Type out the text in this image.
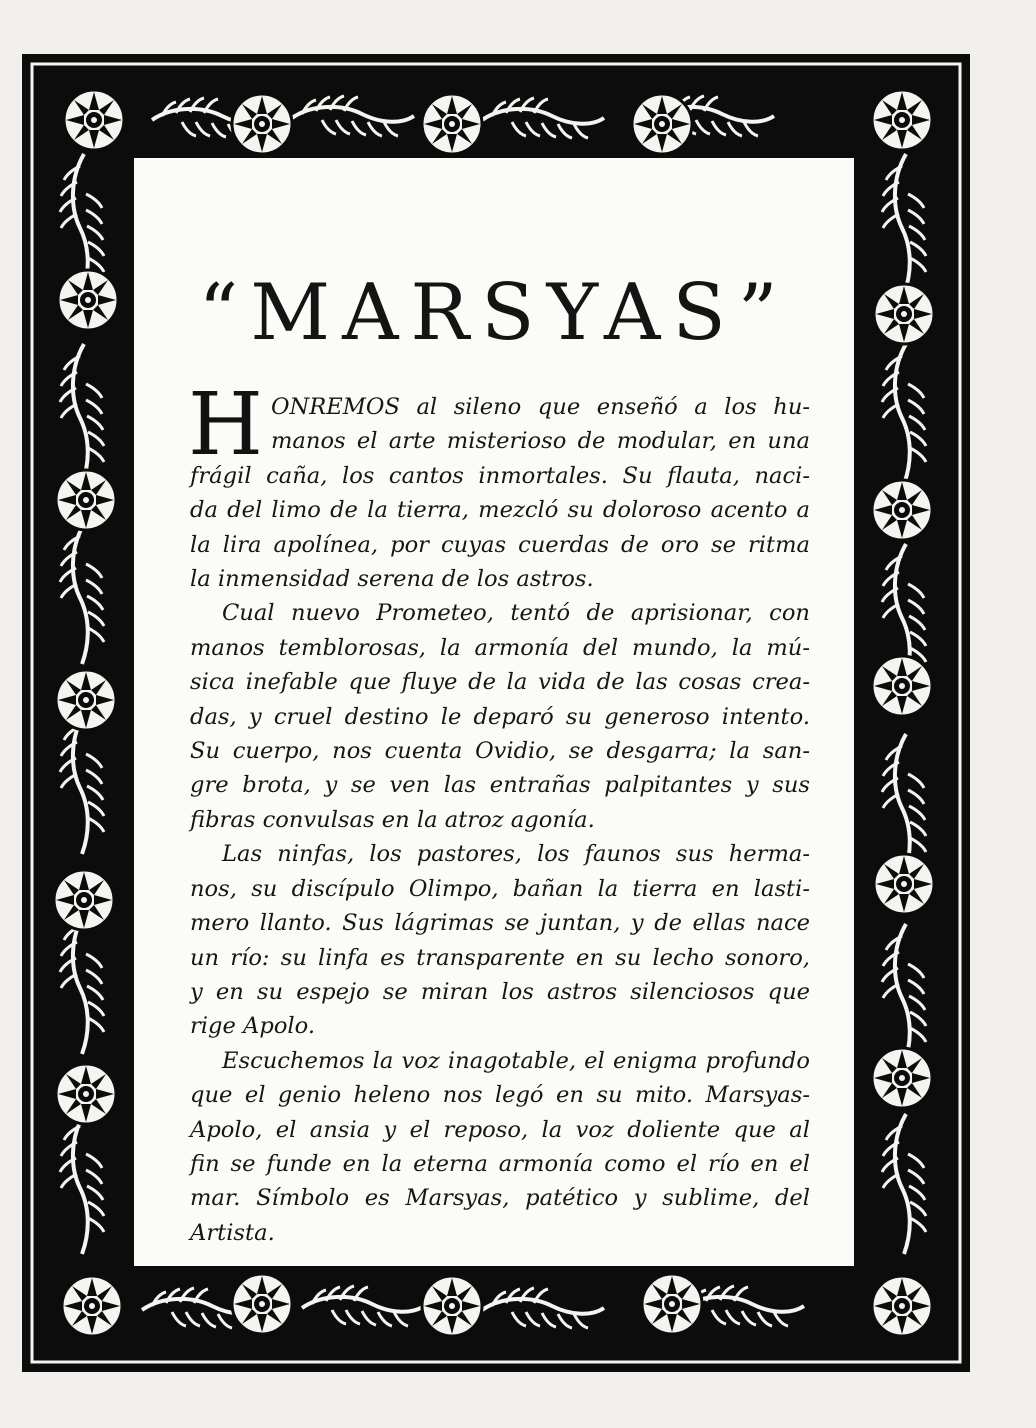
“MARSYAS”

H ONREMOS al sileno que enseñó a los hu-
manos el arte misterioso de modular, en una
frágil caña, los cantos inmortales. Su flauta, naci-
da del limo de la tierra, mezcló su doloroso acento a
la lira apolínea, por cuyas cuerdas de oro se ritma
la inmensidad serena de los astros.

Cual nuevo Prometeo, tentó de aprisionar, con
manos temblorosas, la armonía del mundo, la mú-
sica inefable que fluye de la vida de las cosas crea-
das, y cruel destino le deparó su generoso intento.
Su cuerpo, nos cuenta Ovidio, se desgarra; la san-
gre brota, y se ven las entrañas palpitantes y sus
fibras convulsas en la atroz agonía.

Las ninfas, los pastores, los faunos sus herma-
nos, su discípulo Olimpo, bañan la tierra en lasti-
mero llanto. Sus lágrimas se juntan, y de ellas nace
un río: su linfa es transparente en su lecho sonoro,
y en su espejo se miran los astros silenciosos que
rige Apolo.

Escuchemos la voz inagotable, el enigma profundo
que el genio heleno nos legó en su mito. Marsyas-
Apolo, el ansia y el reposo, la voz doliente que al
fin se funde en la eterna armonía como el río en el
mar. Símbolo es Marsyas, patético y sublime, del
Artista.
